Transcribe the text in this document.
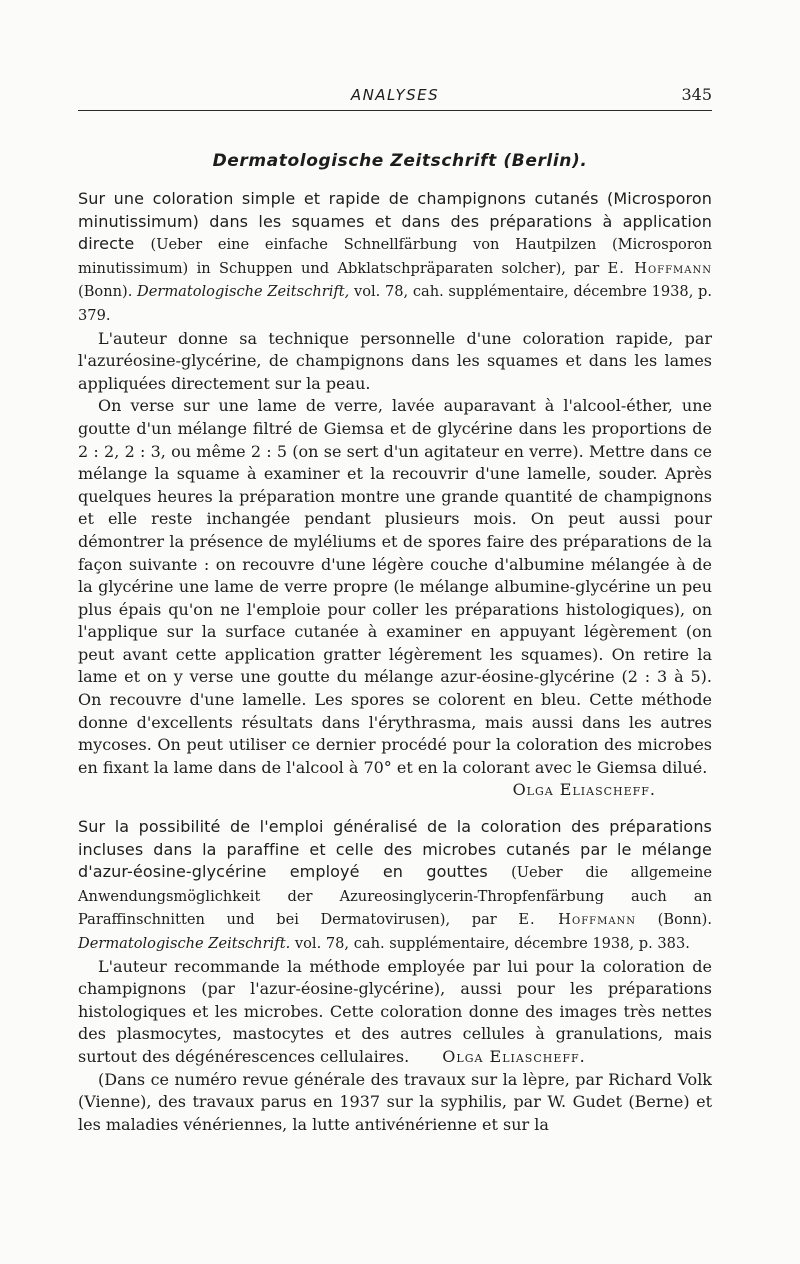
ANALYSES	345
Dermatologische Zeitschrift (Berlin).

Sur une coloration simple et rapide de champignons cutanés (Microsporon minutissimum) dans les squames et dans des préparations à application directe (Ueber eine einfache Schnellfärbung von Hautpilzen (Microsporon minutissimum) in Schuppen und Abklatschpräparaten solcher), par E. Hoffmann (Bonn). Dermatologische Zeitschrift, vol. 78, cah. supplémentaire, décembre 1938, p. 379.

L'auteur donne sa technique personnelle d'une coloration rapide, par l'azuréosine-glycérine, de champignons dans les squames et dans les lames appliquées directement sur la peau.

On verse sur une lame de verre, lavée auparavant à l'alcool-éther, une goutte d'un mélange filtré de Giemsa et de glycérine dans les proportions de 2 : 2, 2 : 3, ou même 2 : 5 (on se sert d'un agitateur en verre). Mettre dans ce mélange la squame à examiner et la recouvrir d'une lamelle, souder. Après quelques heures la préparation montre une grande quantité de champignons et elle reste inchangée pendant plusieurs mois. On peut aussi pour démontrer la présence de myléliums et de spores faire des préparations de la façon suivante : on recouvre d'une légère couche d'albumine mélangée à de la glycérine une lame de verre propre (le mélange albumine-glycérine un peu plus épais qu'on ne l'emploie pour coller les préparations histologiques), on l'applique sur la surface cutanée à examiner en appuyant légèrement (on peut avant cette application gratter légèrement les squames). On retire la lame et on y verse une goutte du mélange azur-éosine-glycérine (2 : 3 à 5). On recouvre d'une lamelle. Les spores se colorent en bleu. Cette méthode donne d'excellents résultats dans l'érythrasma, mais aussi dans les autres mycoses. On peut utiliser ce dernier procédé pour la coloration des microbes en fixant la lame dans de l'alcool à 70° et en la colorant avec le Giemsa dilué.

Olga Eliascheff.

Sur la possibilité de l'emploi généralisé de la coloration des préparations incluses dans la paraffine et celle des microbes cutanés par le mélange d'azur-éosine-glycérine employé en gouttes (Ueber die allgemeine Anwendungsmöglichkeit der Azureosinglycerin-Thropfenfärbung auch an Paraffinschnitten und bei Dermatovirusen), par E. Hoffmann (Bonn). Dermatologische Zeitschrift. vol. 78, cah. supplémentaire, décembre 1938, p. 383.

L'auteur recommande la méthode employée par lui pour la coloration de champignons (par l'azur-éosine-glycérine), aussi pour les préparations histologiques et les microbes. Cette coloration donne des images très nettes des plasmocytes, mastocytes et des autres cellules à granulations, mais surtout des dégénérescences cellulaires. Olga Eliascheff.

(Dans ce numéro revue générale des travaux sur la lèpre, par Richard Volk (Vienne), des travaux parus en 1937 sur la syphilis, par W. Gudet (Berne) et les maladies vénériennes, la lutte antivénérienne et sur la
